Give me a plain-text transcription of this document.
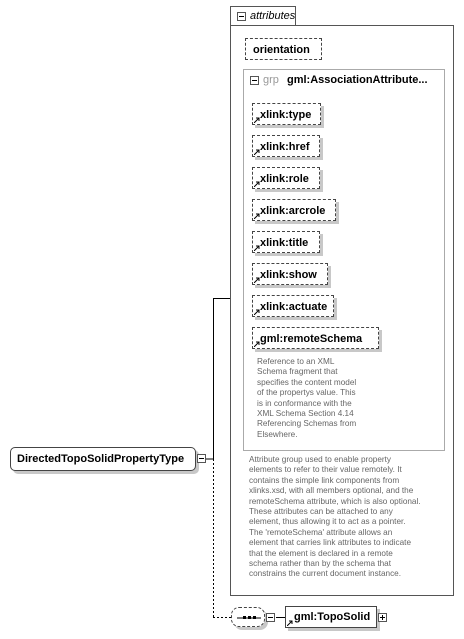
attributes
orientation
grp gml:AssociationAttribute...
xlink:type
xlink:href
xlink:role
xlink:arcrole
xlink:title
xlink:show
xlink:actuate
gml:remoteSchema
Reference to an XML
Schema fragment that
specifies the content model
of the propertys value. This
is in conformance with the
XML Schema Section 4.14
Referencing Schemas from
Elsewhere.
Attribute group used to enable property
elements to refer to their value remotely. It
contains the simple link components from
xlinks.xsd, with all members optional, and the
remoteSchema attribute, which is also optional.
These attributes can be attached to any
element, thus allowing it to act as a pointer.
The 'remoteSchema' attribute allows an
element that carries link attributes to indicate
that the element is declared in a remote
schema rather than by the schema that
constrains the current document instance.
DirectedTopoSolidPropertyType
gml:TopoSolid
